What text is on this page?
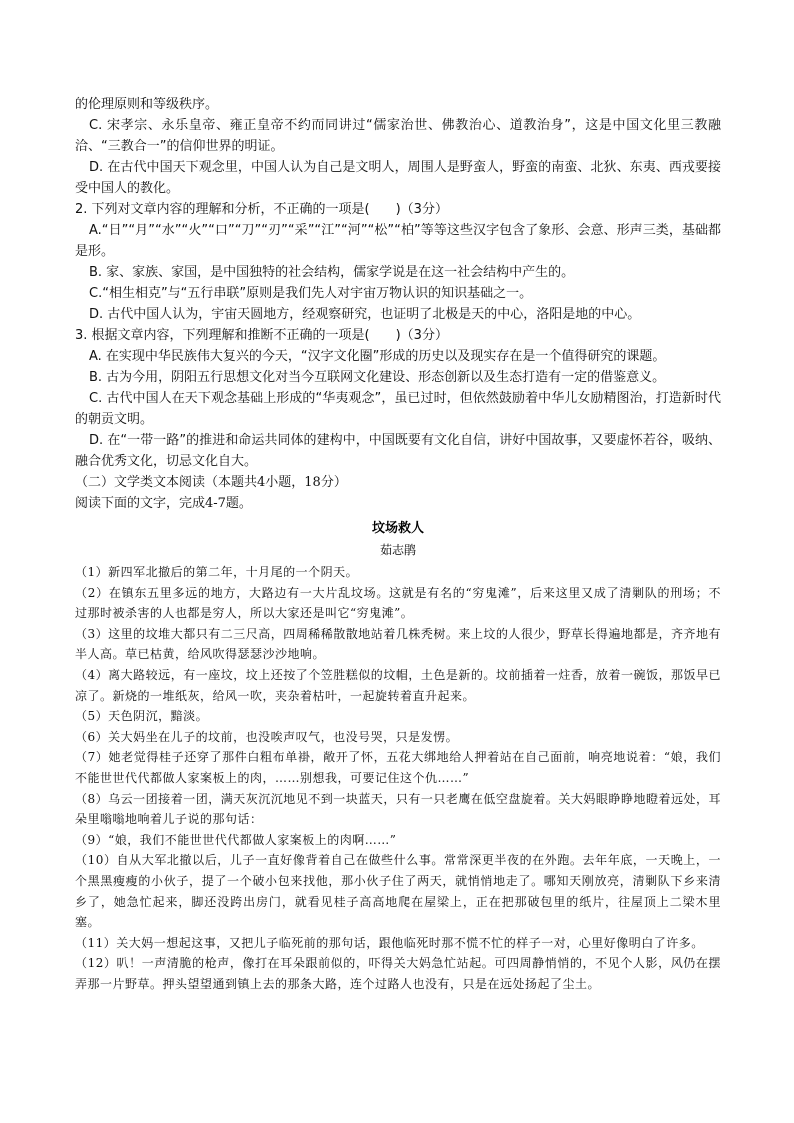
的伦理原则和等级秩序。

C. 宋孝宗、永乐皇帝、雍正皇帝不约而同讲过“儒家治世、佛教治心、道教治身”，这是中国文化里三教融洽、“三教合一”的信仰世界的明证。

D. 在古代中国天下观念里，中国人认为自己是文明人，周围人是野蛮人，野蛮的南蛮、北狄、东夷、西戎要接受中国人的教化。

2. 下列对文章内容的理解和分析，不正确的一项是(　　)（3分）

A.“日”“月”“水”“火”“口”“刀”“刃”“采”“江”“河”“松”“柏”等等这些汉字包含了象形、会意、形声三类，基础都是形。

B. 家、家族、家国，是中国独特的社会结构，儒家学说是在这一社会结构中产生的。

C.“相生相克”与“五行串联”原则是我们先人对宇宙万物认识的知识基础之一。

D. 古代中国人认为，宇宙天圆地方，经观察研究，也证明了北极是天的中心，洛阳是地的中心。

3. 根据文章内容，下列理解和推断不正确的一项是(　　)（3分）

A. 在实现中华民族伟大复兴的今天，“汉字文化圈”形成的历史以及现实存在是一个值得研究的课题。

B. 古为今用，阴阳五行思想文化对当今互联网文化建设、形态创新以及生态打造有一定的借鉴意义。

C. 古代中国人在天下观念基础上形成的“华夷观念”，虽已过时，但依然鼓励着中华儿女励精图治，打造新时代的朝贡文明。

D. 在“一带一路”的推进和命运共同体的建构中，中国既要有文化自信，讲好中国故事，又要虚怀若谷，吸纳、融合优秀文化，切忌文化自大。

（二）文学类文本阅读（本题共4小题，18分）

阅读下面的文字，完成4-7题。

坟场救人

茹志鹃

（1）新四军北撤后的第二年，十月尾的一个阴天。

（2）在镇东五里多远的地方，大路边有一大片乱坟场。这就是有名的“穷鬼滩”，后来这里又成了清剿队的刑场；不过那时被杀害的人也都是穷人，所以大家还是叫它“穷鬼滩”。

（3）这里的坟堆大都只有二三尺高，四周稀稀散散地站着几株秃树。来上坟的人很少，野草长得遍地都是，齐齐地有半人高。草已枯黄，给风吹得瑟瑟沙沙地响。

（4）离大路较远，有一座坟，坟上还按了个笠胜糕似的坟帽，土色是新的。坟前插着一炷香，放着一碗饭，那饭早已凉了。新烧的一堆纸灰，给风一吹，夹杂着枯叶，一起旋转着直升起来。

（5）天色阴沉，黯淡。

（6）关大妈坐在儿子的坟前，也没唉声叹气，也没号哭，只是发愣。

（7）她老觉得桂子还穿了那件白粗布单褂，敞开了怀，五花大绑地给人押着站在自己面前，响亮地说着：“娘，我们不能世世代代都做人家案板上的肉，……别想我，可要记住这个仇……”

（8）乌云一团接着一团，满天灰沉沉地见不到一块蓝天，只有一只老鹰在低空盘旋着。关大妈眼睁睁地瞪着远处，耳朵里嗡嗡地响着儿子说的那句话：

（9）“娘，我们不能世世代代都做人家案板上的肉啊……”

（10）自从大军北撤以后，儿子一直好像背着自己在做些什么事。常常深更半夜的在外跑。去年年底，一天晚上，一个黑黑瘦瘦的小伙子，提了一个破小包来找他，那小伙子住了两天，就悄悄地走了。哪知天刚放亮，清剿队下乡来清乡了，她急忙起来，脚还没跨出房门，就看见桂子高高地爬在屋梁上，正在把那破包里的纸片，往屋顶上二梁木里塞。

（11）关大妈一想起这事，又把儿子临死前的那句话，跟他临死时那不慌不忙的样子一对，心里好像明白了许多。

（12）叭！一声清脆的枪声，像打在耳朵跟前似的，吓得关大妈急忙站起。可四周静悄悄的，不见个人影，风仍在摆弄那一片野草。押头望望通到镇上去的那条大路，连个过路人也没有，只是在远处扬起了尘土。
